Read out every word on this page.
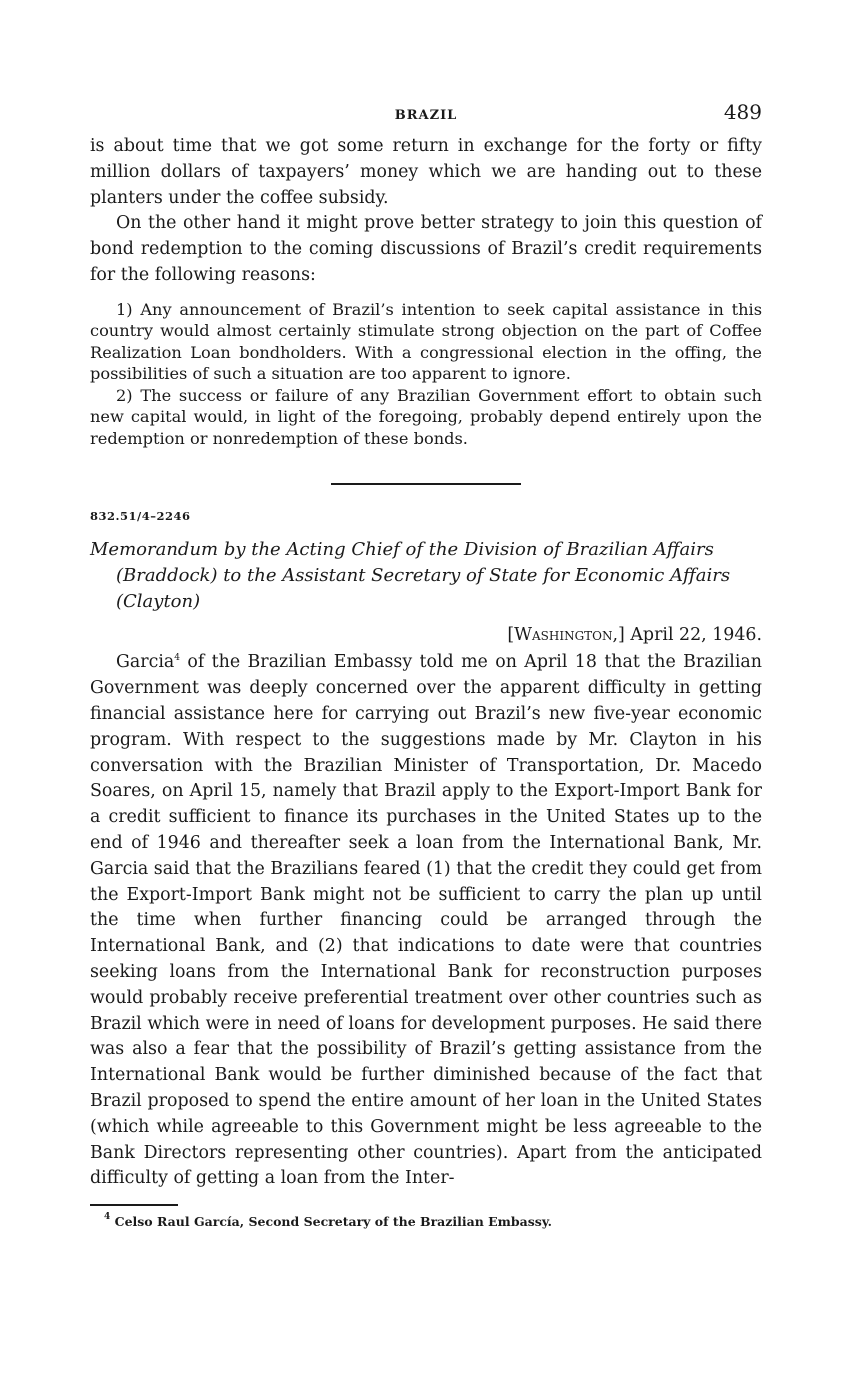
BRAZIL	489

is about time that we got some return in exchange for the forty or fifty million dollars of taxpayers’ money which we are handing out to these planters under the coffee subsidy.

On the other hand it might prove better strategy to join this question of bond redemption to the coming discussions of Brazil’s credit requirements for the following reasons:

1) Any announcement of Brazil’s intention to seek capital assistance in this country would almost certainly stimulate strong objection on the part of Coffee Realization Loan bondholders. With a congressional election in the offing, the possibilities of such a situation are too apparent to ignore.

2) The success or failure of any Brazilian Government effort to obtain such new capital would, in light of the foregoing, probably depend entirely upon the redemption or nonredemption of these bonds.

832.51/4–2246

Memorandum by the Acting Chief of the Division of Brazilian Affairs (Braddock) to the Assistant Secretary of State for Economic Affairs (Clayton)

[Washington,] April 22, 1946.

Garcia$^4$ of the Brazilian Embassy told me on April 18 that the Brazilian Government was deeply concerned over the apparent difficulty in getting financial assistance here for carrying out Brazil’s new five-year economic program. With respect to the suggestions made by Mr. Clayton in his conversation with the Brazilian Minister of Transportation, Dr. Macedo Soares, on April 15, namely that Brazil apply to the Export-Import Bank for a credit sufficient to finance its purchases in the United States up to the end of 1946 and thereafter seek a loan from the International Bank, Mr. Garcia said that the Brazilians feared (1) that the credit they could get from the Export-Import Bank might not be sufficient to carry the plan up until the time when further financing could be arranged through the International Bank, and (2) that indications to date were that countries seeking loans from the International Bank for reconstruction purposes would probably receive preferential treatment over other countries such as Brazil which were in need of loans for development purposes. He said there was also a fear that the possibility of Brazil’s getting assistance from the International Bank would be further diminished because of the fact that Brazil proposed to spend the entire amount of her loan in the United States (which while agreeable to this Government might be less agreeable to the Bank Directors representing other countries). Apart from the anticipated difficulty of getting a loan from the Inter-

$^4$ Celso Raul García, Second Secretary of the Brazilian Embassy.
